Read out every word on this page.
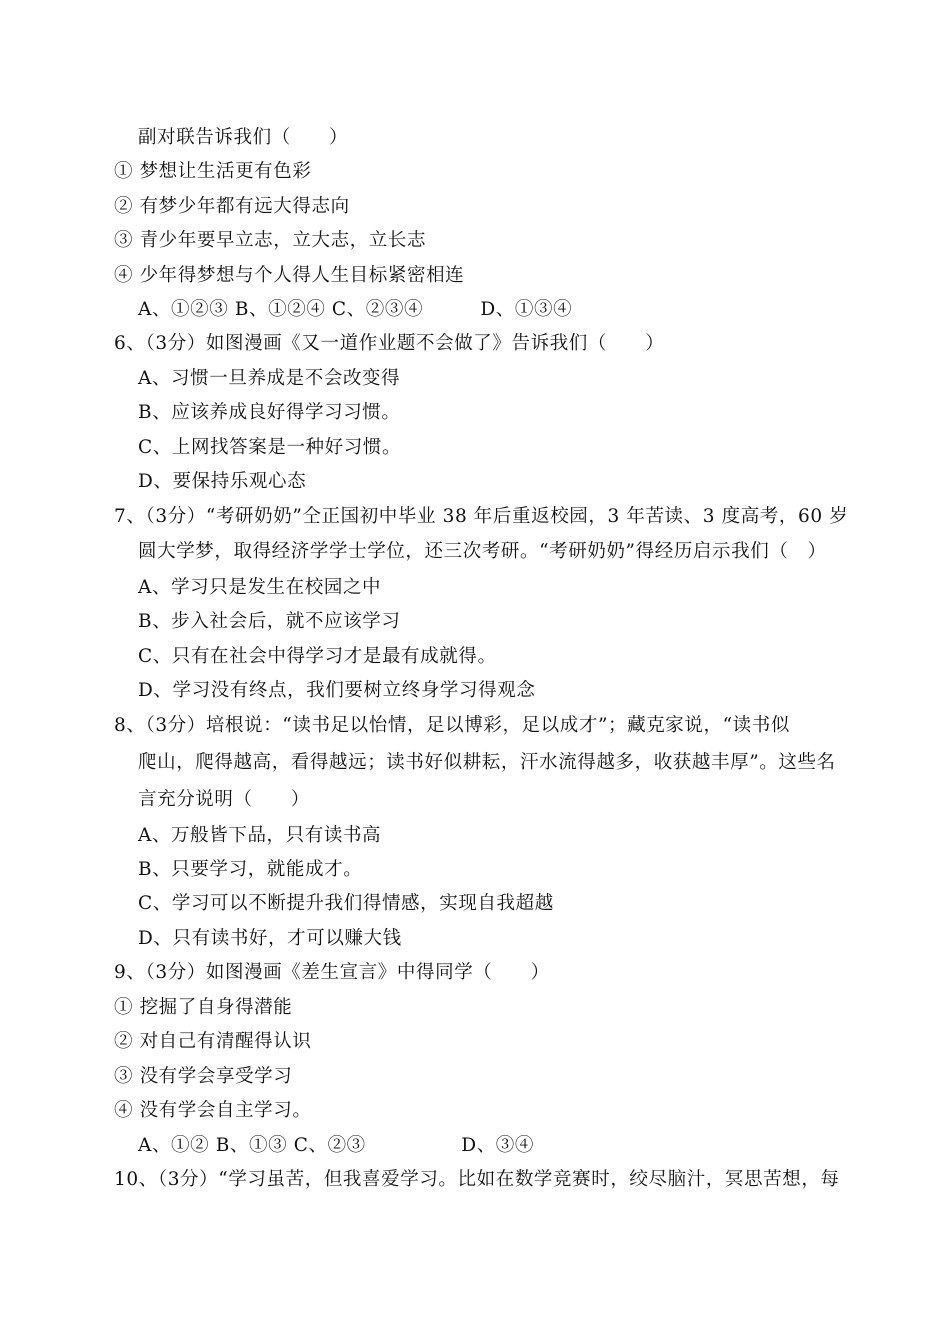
副对联告诉我们（　　）
① 梦想让生活更有色彩
② 有梦少年都有远大得志向
③ 青少年要早立志，立大志，立长志
④ 少年得梦想与个人得人生目标紧密相连
A、①②③ B、①②④ C、②③④　　　D、①③④
6、（3分）如图漫画《又一道作业题不会做了》告诉我们（　　）
A、习惯一旦养成是不会改变得
B、应该养成良好得学习习惯。
C、上网找答案是一种好习惯。
D、要保持乐观心态
7、（3分）“考研奶奶”仝正国初中毕业 38 年后重返校园，3 年苦读、3 度高考，60 岁
圆大学梦，取得经济学学士学位，还三次考研。“考研奶奶”得经历启示我们（　）
A、学习只是发生在校园之中
B、步入社会后，就不应该学习
C、只有在社会中得学习才是最有成就得。
D、学习没有终点，我们要树立终身学习得观念
8、（3分）培根说：“读书足以怡情，足以博彩，足以成才”；藏克家说，“读书似
爬山，爬得越高，看得越远；读书好似耕耘，汗水流得越多，收获越丰厚”。这些名
言充分说明（　　）
A、万般皆下品，只有读书高
B、只要学习，就能成才。
C、学习可以不断提升我们得情感，实现自我超越
D、只有读书好，才可以赚大钱
9、（3分）如图漫画《差生宣言》中得同学（　　）
① 挖掘了自身得潜能
② 对自己有清醒得认识
③ 没有学会享受学习
④ 没有学会自主学习。
A、①② B、①③ C、②③　　　　　D、③④
10、（3分）“学习虽苦，但我喜爱学习。比如在数学竞赛时，绞尽脑汁，冥思苦想，每
